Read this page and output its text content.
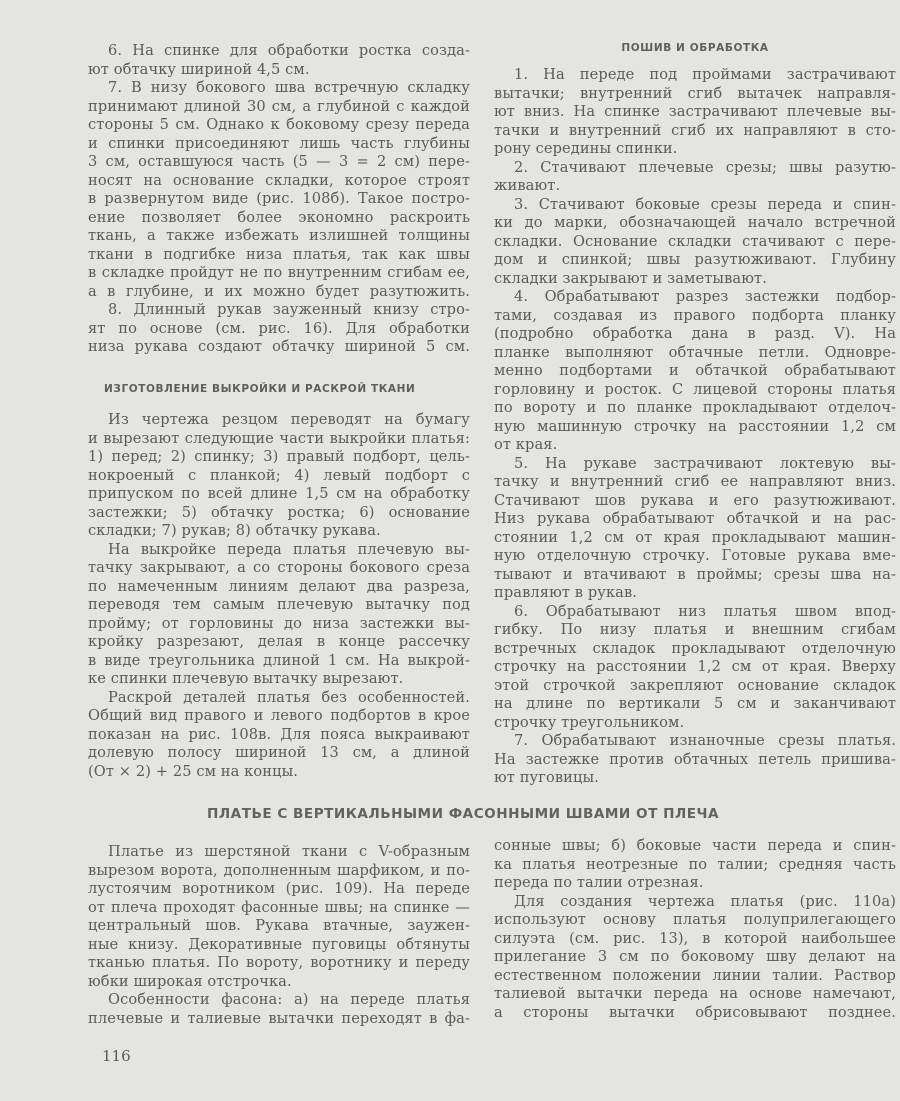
6. На спинке для обработки ростка созда-
ют обтачку шириной 4,5 см.
7. В низу бокового шва встречную складку
принимают длиной 30 см, а глубиной с каждой
стороны 5 см. Однако к боковому срезу переда
и спинки присоединяют лишь часть глубины
3 см, оставшуюся часть (5 — 3 = 2 см) пере-
носят на основание складки, которое строят
в развернутом виде (рис. 108б). Такое постро-
ение позволяет более экономно раскроить
ткань, а также избежать излишней толщины
ткани в подгибке низа платья, так как швы
в складке пройдут не по внутренним сгибам ее,
а в глубине, и их можно будет разутюжить.
8. Длинный рукав зауженный книзу стро-
ят по основе (см. рис. 16). Для обработки
низа рукава создают обтачку шириной 5 см.
ИЗГОТОВЛЕНИЕ ВЫКРОЙКИ И РАСКРОЙ ТКАНИ
Из чертежа резцом переводят на бумагу
и вырезают следующие части выкройки платья:
1) перед; 2) спинку; 3) правый подборт, цель-
нокроеный с планкой; 4) левый подборт с
припуском по всей длине 1,5 см на обработку
застежки; 5) обтачку ростка; 6) основание
складки; 7) рукав; 8) обтачку рукава.
На выкройке переда платья плечевую вы-
тачку закрывают, а со стороны бокового среза
по намеченным линиям делают два разреза,
переводя тем самым плечевую вытачку под
пройму; от горловины до низа застежки вы-
кройку разрезают, делая в конце рассечку
в виде треугольника длиной 1 см. На выкрой-
ке спинки плечевую вытачку вырезают.
Раскрой деталей платья без особенностей.
Общий вид правого и левого подбортов в крое
показан на рис. 108в. Для пояса выкраивают
долевую полосу шириной 13 см, а длиной
(От × 2) + 25 см на концы.
ПОШИВ И ОБРАБОТКА
1. На переде под проймами застрачивают
вытачки; внутренний сгиб вытачек направля-
ют вниз. На спинке застрачивают плечевые вы-
тачки и внутренний сгиб их направляют в сто-
рону середины спинки.
2. Стачивают плечевые срезы; швы разутю-
живают.
3. Стачивают боковые срезы переда и спин-
ки до марки, обозначающей начало встречной
складки. Основание складки стачивают с пере-
дом и спинкой; швы разутюживают. Глубину
складки закрывают и заметывают.
4. Обрабатывают разрез застежки подбор-
тами, создавая из правого подборта планку
(подробно обработка дана в разд. V). На
планке выполняют обтачные петли. Одновре-
менно подбортами и обтачкой обрабатывают
горловину и росток. С лицевой стороны платья
по вороту и по планке прокладывают отделоч-
ную машинную строчку на расстоянии 1,2 см
от края.
5. На рукаве застрачивают локтевую вы-
тачку и внутренний сгиб ее направляют вниз.
Стачивают шов рукава и его разутюживают.
Низ рукава обрабатывают обтачкой и на рас-
стоянии 1,2 см от края прокладывают машин-
ную отделочную строчку. Готовые рукава вме-
тывают и втачивают в проймы; срезы шва на-
правляют в рукав.
6. Обрабатывают низ платья швом впод-
гибку. По низу платья и внешним сгибам
встречных складок прокладывают отделочную
строчку на расстоянии 1,2 см от края. Вверху
этой строчкой закрепляют основание складок
на длине по вертикали 5 см и заканчивают
строчку треугольником.
7. Обрабатывают изнаночные срезы платья.
На застежке против обтачных петель пришива-
ют пуговицы.
ПЛАТЬЕ С ВЕРТИКАЛЬНЫМИ ФАСОННЫМИ ШВАМИ ОТ ПЛЕЧА
Платье из шерстяной ткани с V-образным
вырезом ворота, дополненным шарфиком, и по-
лустоячим воротником (рис. 109). На переде
от плеча проходят фасонные швы; на спинке —
центральный шов. Рукава втачные, заужен-
ные книзу. Декоративные пуговицы обтянуты
тканью платья. По вороту, воротнику и переду
юбки широкая отстрочка.
Особенности фасона: а) на переде платья
плечевые и талиевые вытачки переходят в фа-
сонные швы; б) боковые части переда и спин-
ка платья неотрезные по талии; средняя часть
переда по талии отрезная.
Для создания чертежа платья (рис. 110а)
используют основу платья полуприлегающего
силуэта (см. рис. 13), в которой наибольшее
прилегание 3 см по боковому шву делают на
естественном положении линии талии. Раствор
талиевой вытачки переда на основе намечают,
а стороны вытачки обрисовывают позднее.
116
